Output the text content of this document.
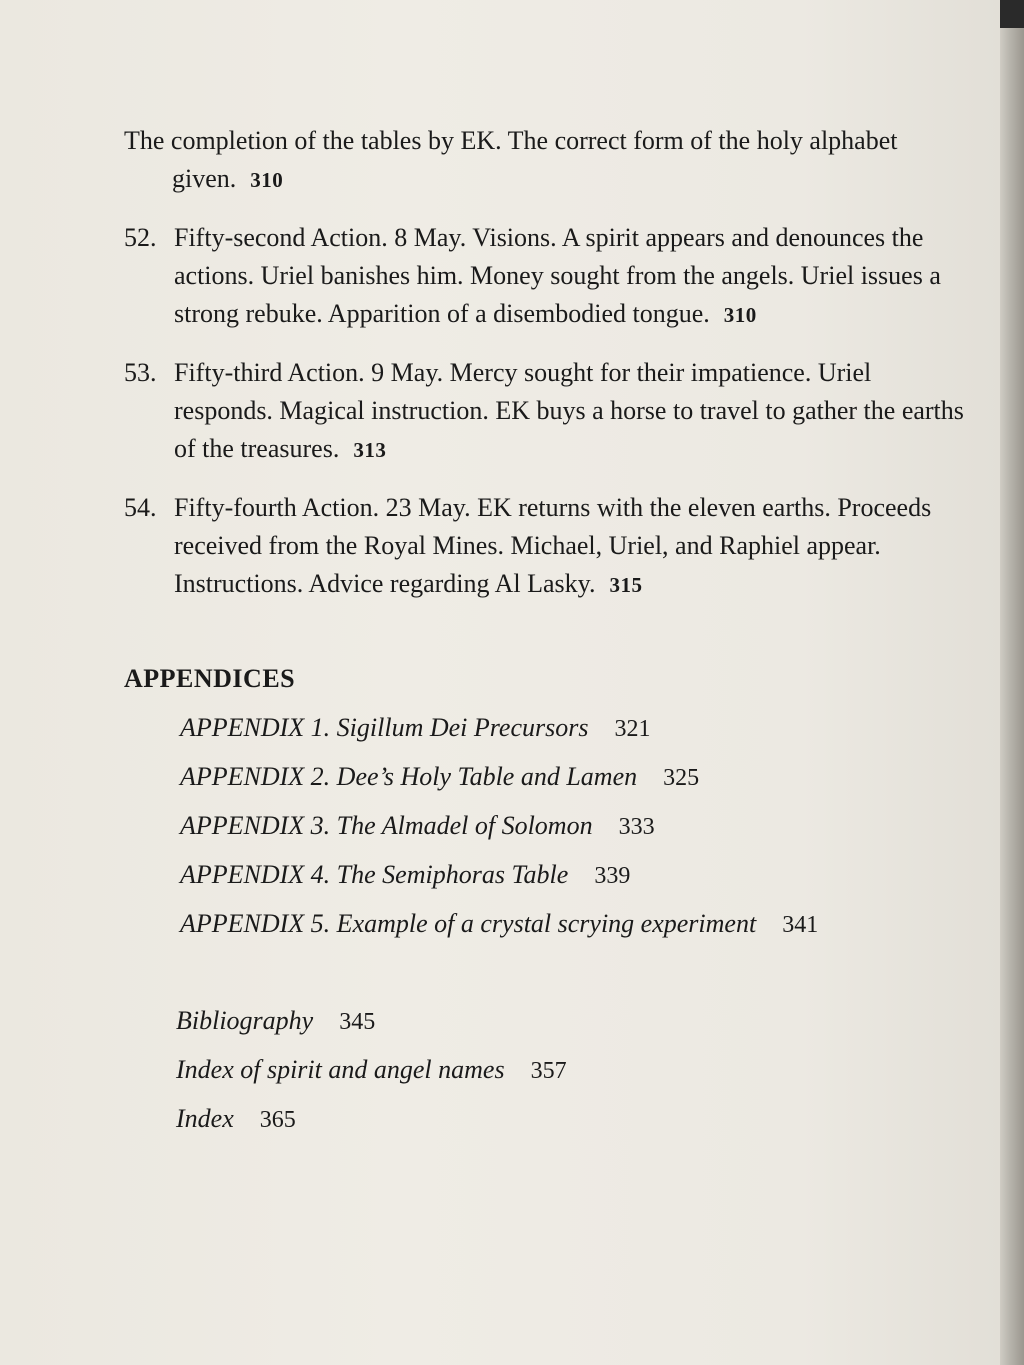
The completion of the tables by EK. The correct form of the holy alphabet given. 310
52. Fifty-second Action. 8 May. Visions. A spirit appears and denounces the actions. Uriel banishes him. Money sought from the angels. Uriel issues a strong rebuke. Apparition of a disembodied tongue. 310
53. Fifty-third Action. 9 May. Mercy sought for their impatience. Uriel responds. Magical instruction. EK buys a horse to travel to gather the earths of the treasures. 313
54. Fifty-fourth Action. 23 May. EK returns with the eleven earths. Proceeds received from the Royal Mines. Michael, Uriel, and Raphiel appear. Instructions. Advice regarding Al Lasky. 315
APPENDICES
APPENDIX 1. Sigillum Dei Precursors 321
APPENDIX 2. Dee’s Holy Table and Lamen 325
APPENDIX 3. The Almadel of Solomon 333
APPENDIX 4. The Semiphoras Table 339
APPENDIX 5. Example of a crystal scrying experiment 341
Bibliography 345
Index of spirit and angel names 357
Index 365
